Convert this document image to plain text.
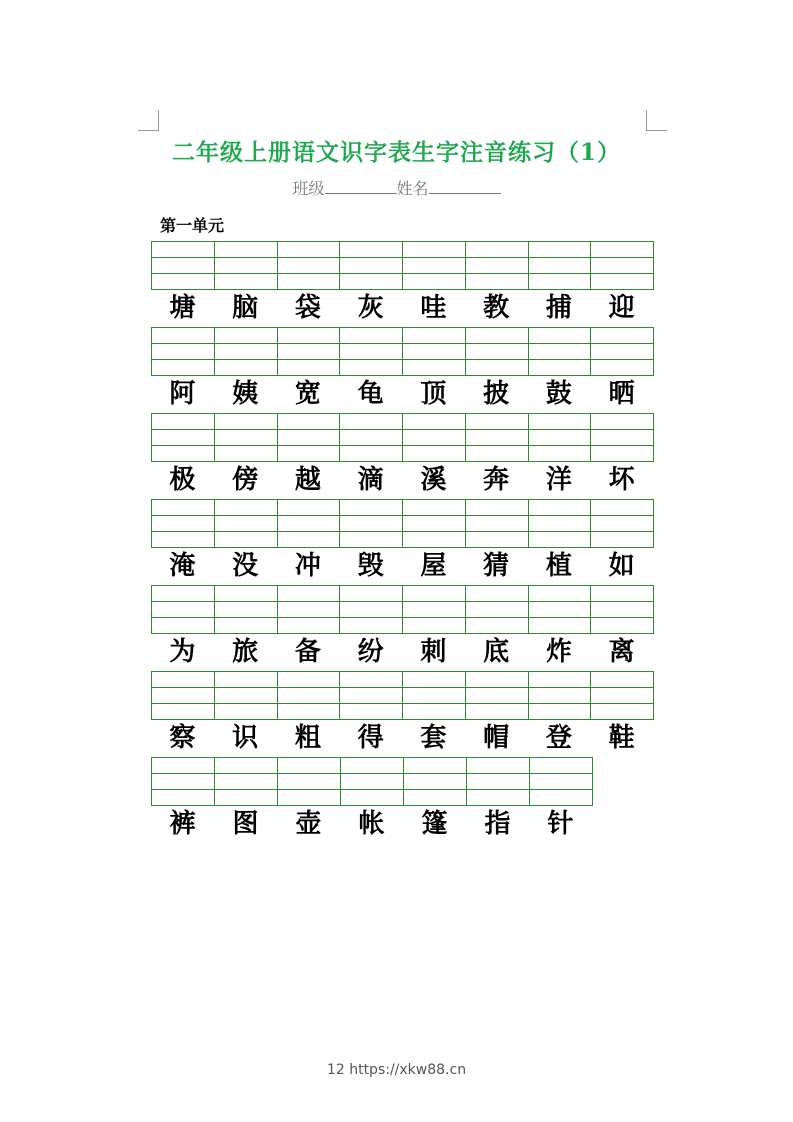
二年级上册语文识字表生字注音练习（1）
班级	姓名
第一单元
塘	脑	袋	灰	哇	教	捕	迎
阿	姨	宽	龟	顶	披	鼓	晒
极	傍	越	滴	溪	奔	洋	坏
淹	没	冲	毁	屋	猜	植	如
为	旅	备	纷	刺	底	炸	离
察	识	粗	得	套	帽	登	鞋
裤	图	壶	帐	篷	指	针
12 https://xkw88.cn
